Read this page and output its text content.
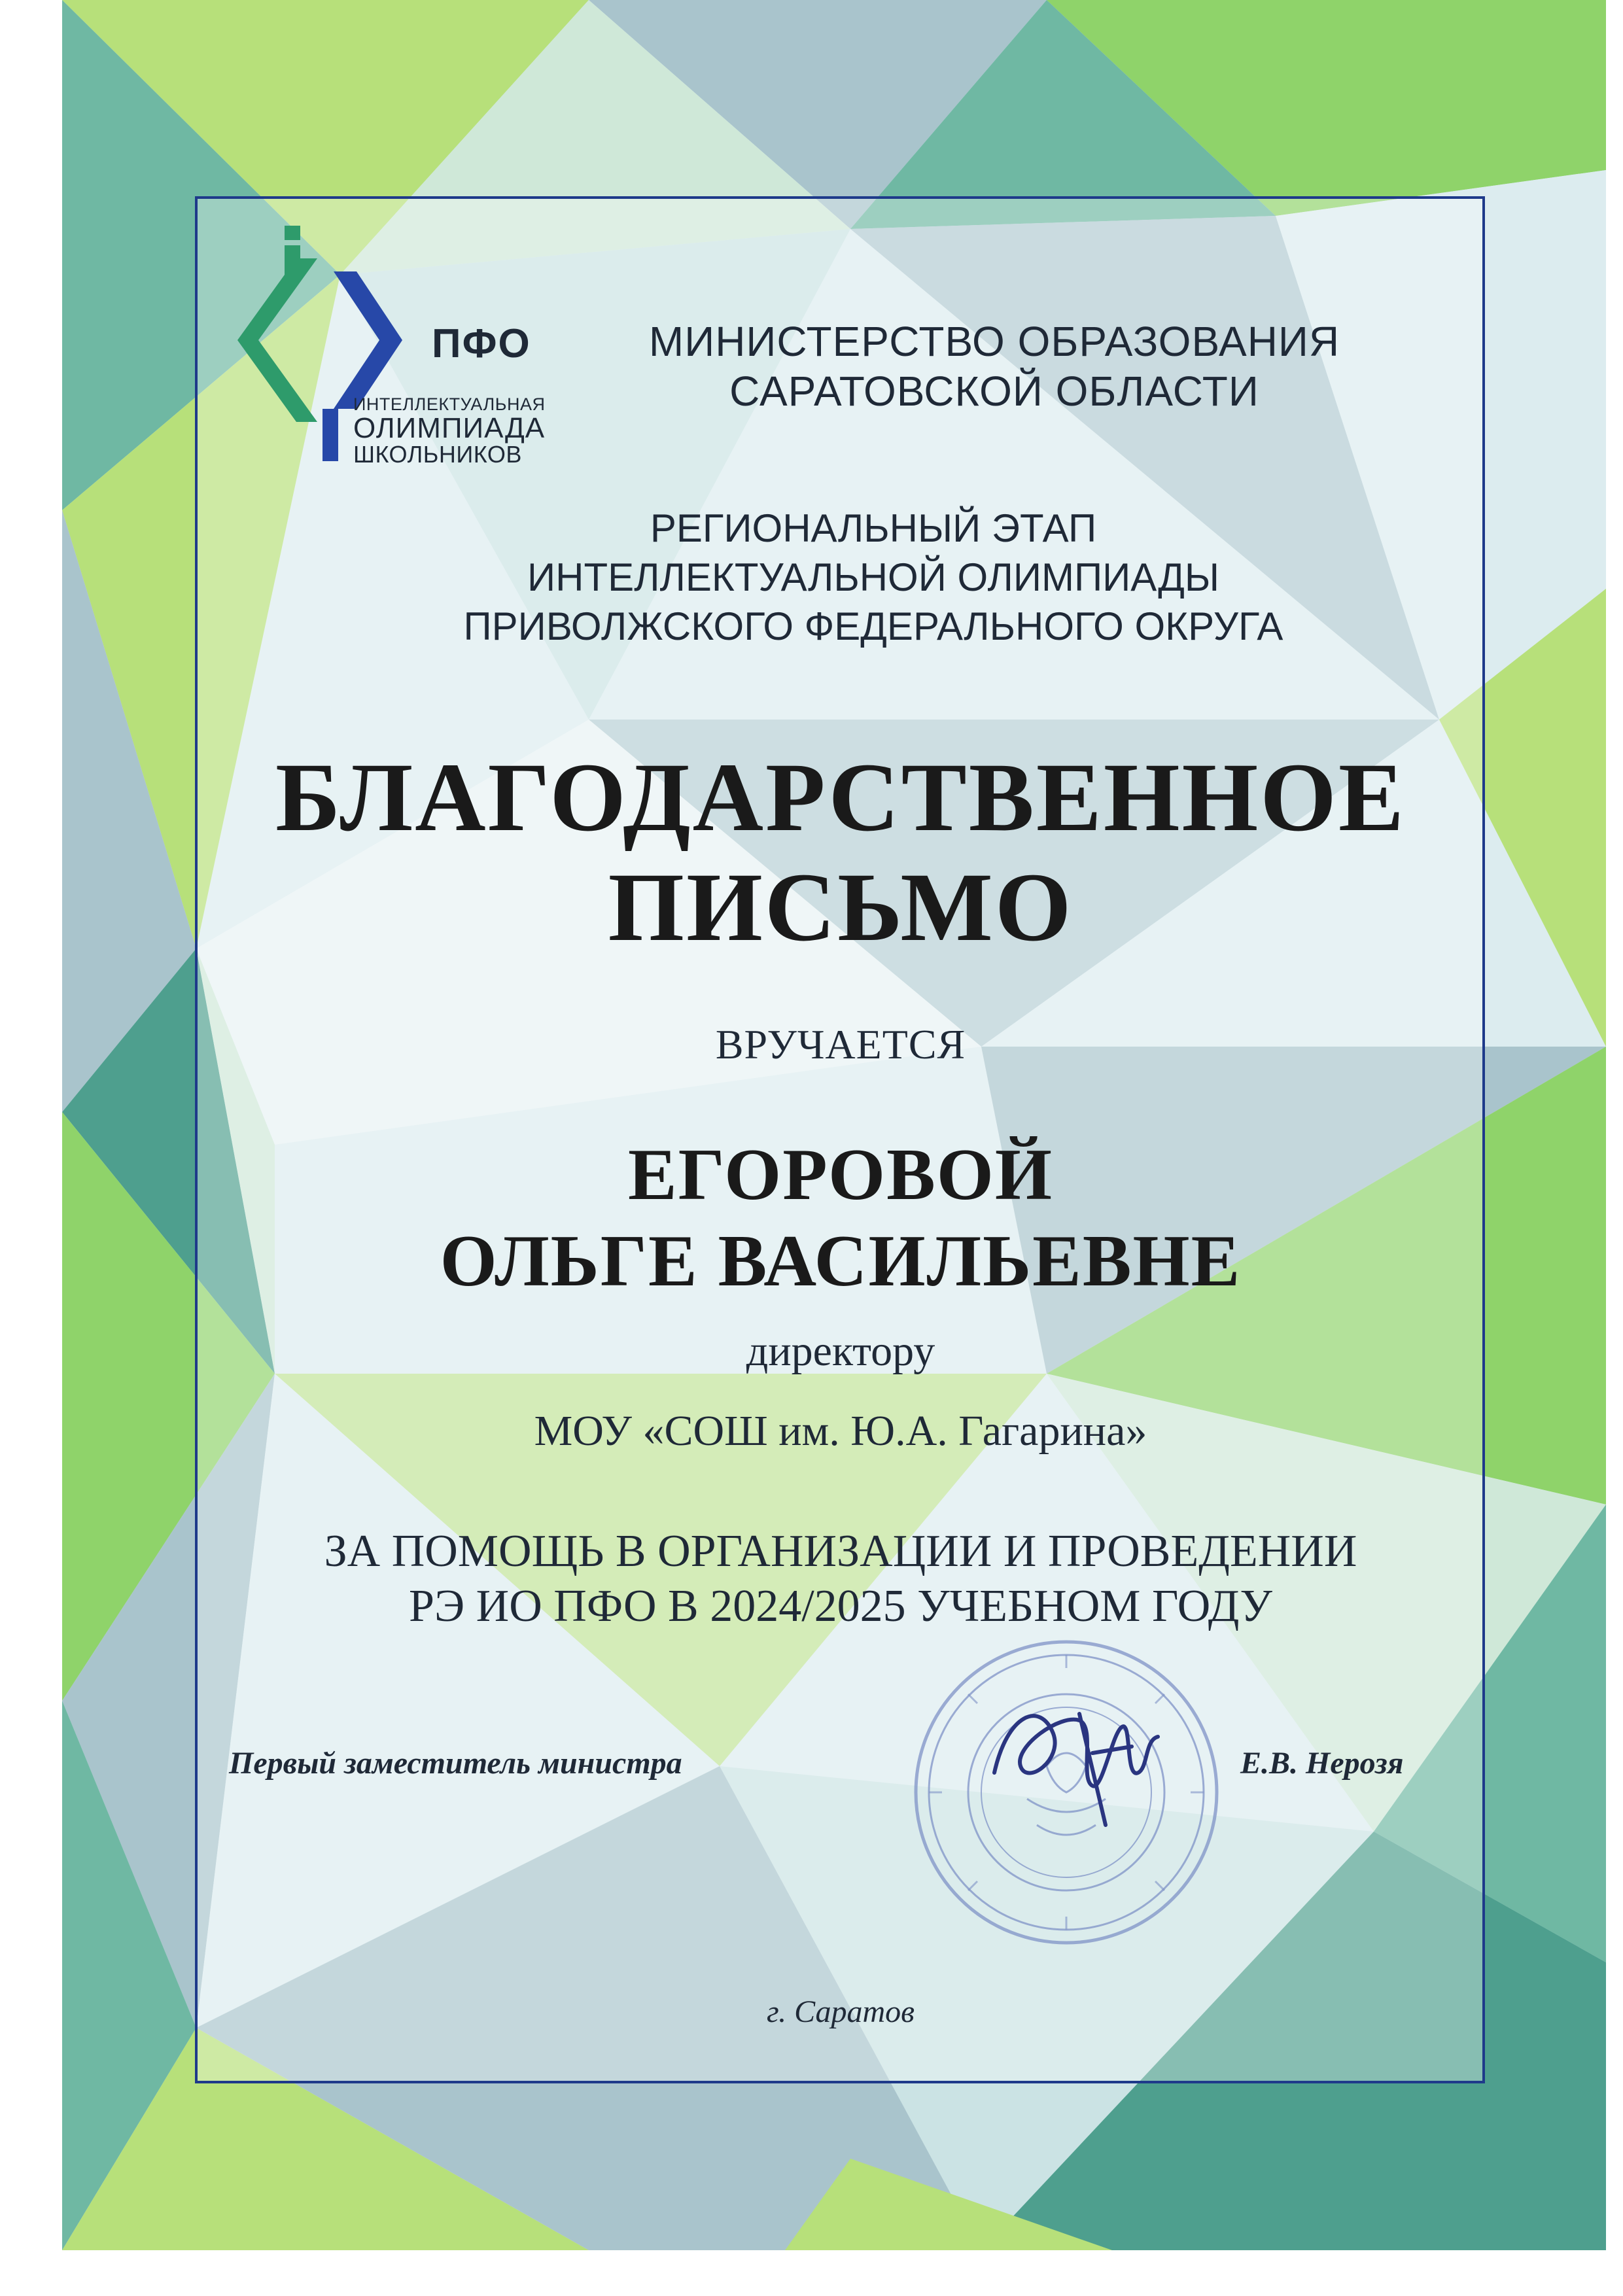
ПФО
ИНТЕЛЛЕКТУАЛЬНАЯ
ОЛИМПИАДА
ШКОЛЬНИКОВ
МИНИСТЕРСТВО ОБРАЗОВАНИЯ
САРАТОВСКОЙ ОБЛАСТИ
РЕГИОНАЛЬНЫЙ ЭТАП
ИНТЕЛЛЕКТУАЛЬНОЙ ОЛИМПИАДЫ
ПРИВОЛЖСКОГО ФЕДЕРАЛЬНОГО ОКРУГА
БЛАГОДАРСТВЕННОЕ
ПИСЬМО
ВРУЧАЕТСЯ
ЕГОРОВОЙ
ОЛЬГЕ ВАСИЛЬЕВНЕ
директору
МОУ «СОШ им. Ю.А. Гагарина»
ЗА ПОМОЩЬ В ОРГАНИЗАЦИИ И ПРОВЕДЕНИИ
РЭ ИО ПФО В 2024/2025 УЧЕБНОМ ГОДУ
Первый заместитель министра	Е.В. Нерозя
г. Саратов
